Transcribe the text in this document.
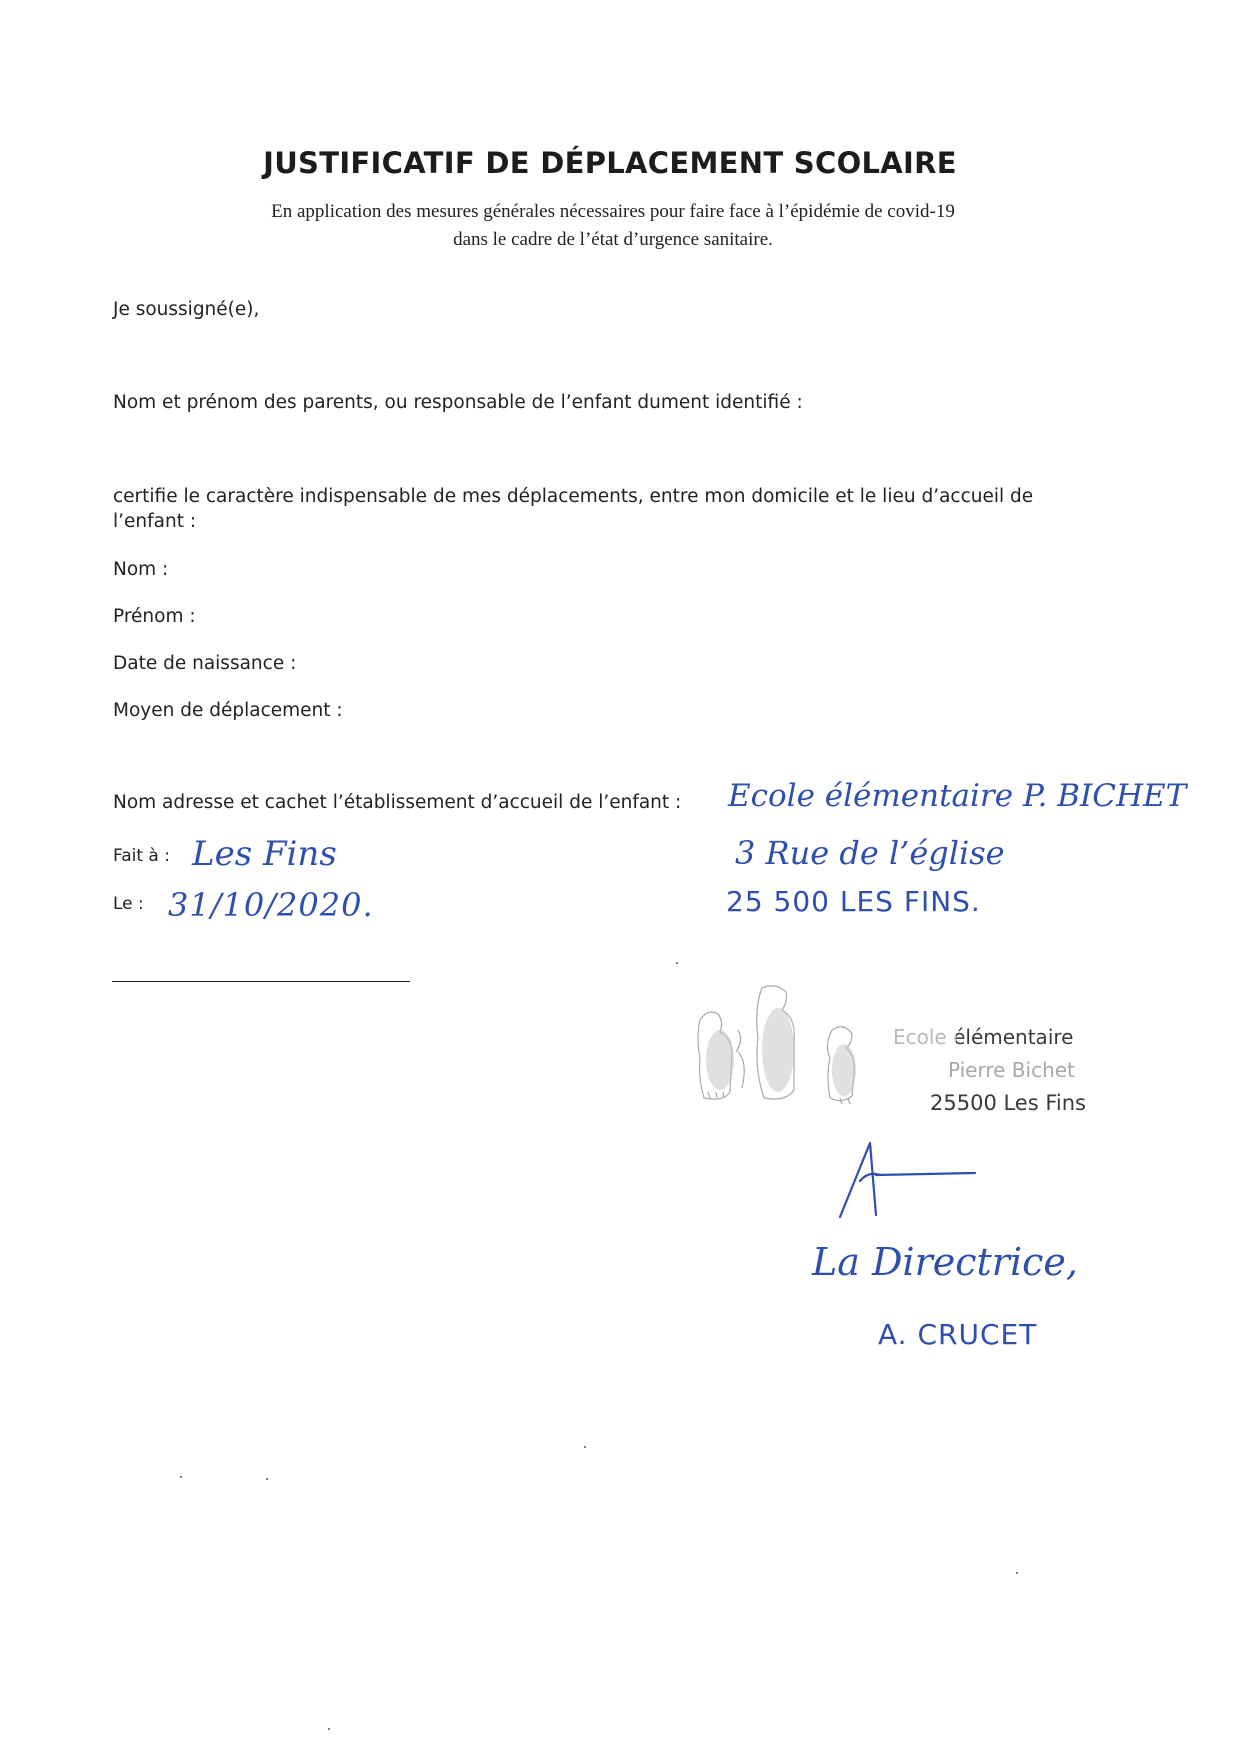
JUSTIFICATIF DE DÉPLACEMENT SCOLAIRE
En application des mesures générales nécessaires pour faire face à l’épidémie de covid-19
dans le cadre de l’état d’urgence sanitaire.
Je soussigné(e),
Nom et prénom des parents, ou responsable de l’enfant dument identifié :
certifie le caractère indispensable de mes déplacements, entre mon domicile et le lieu d’accueil de
l’enfant :
Nom :
Prénom :
Date de naissance :
Moyen de déplacement :
Nom adresse et cachet l’établissement d’accueil de l’enfant :
Fait à :
Le :
Les Fins
31/10/2020.
Ecole élémentaire P. BICHET
3 Rue de l’église
25 500 LES FINS.
Ecole élémentaire
Pierre Bichet
25500 Les Fins
La Directrice,
A. CRUCET
